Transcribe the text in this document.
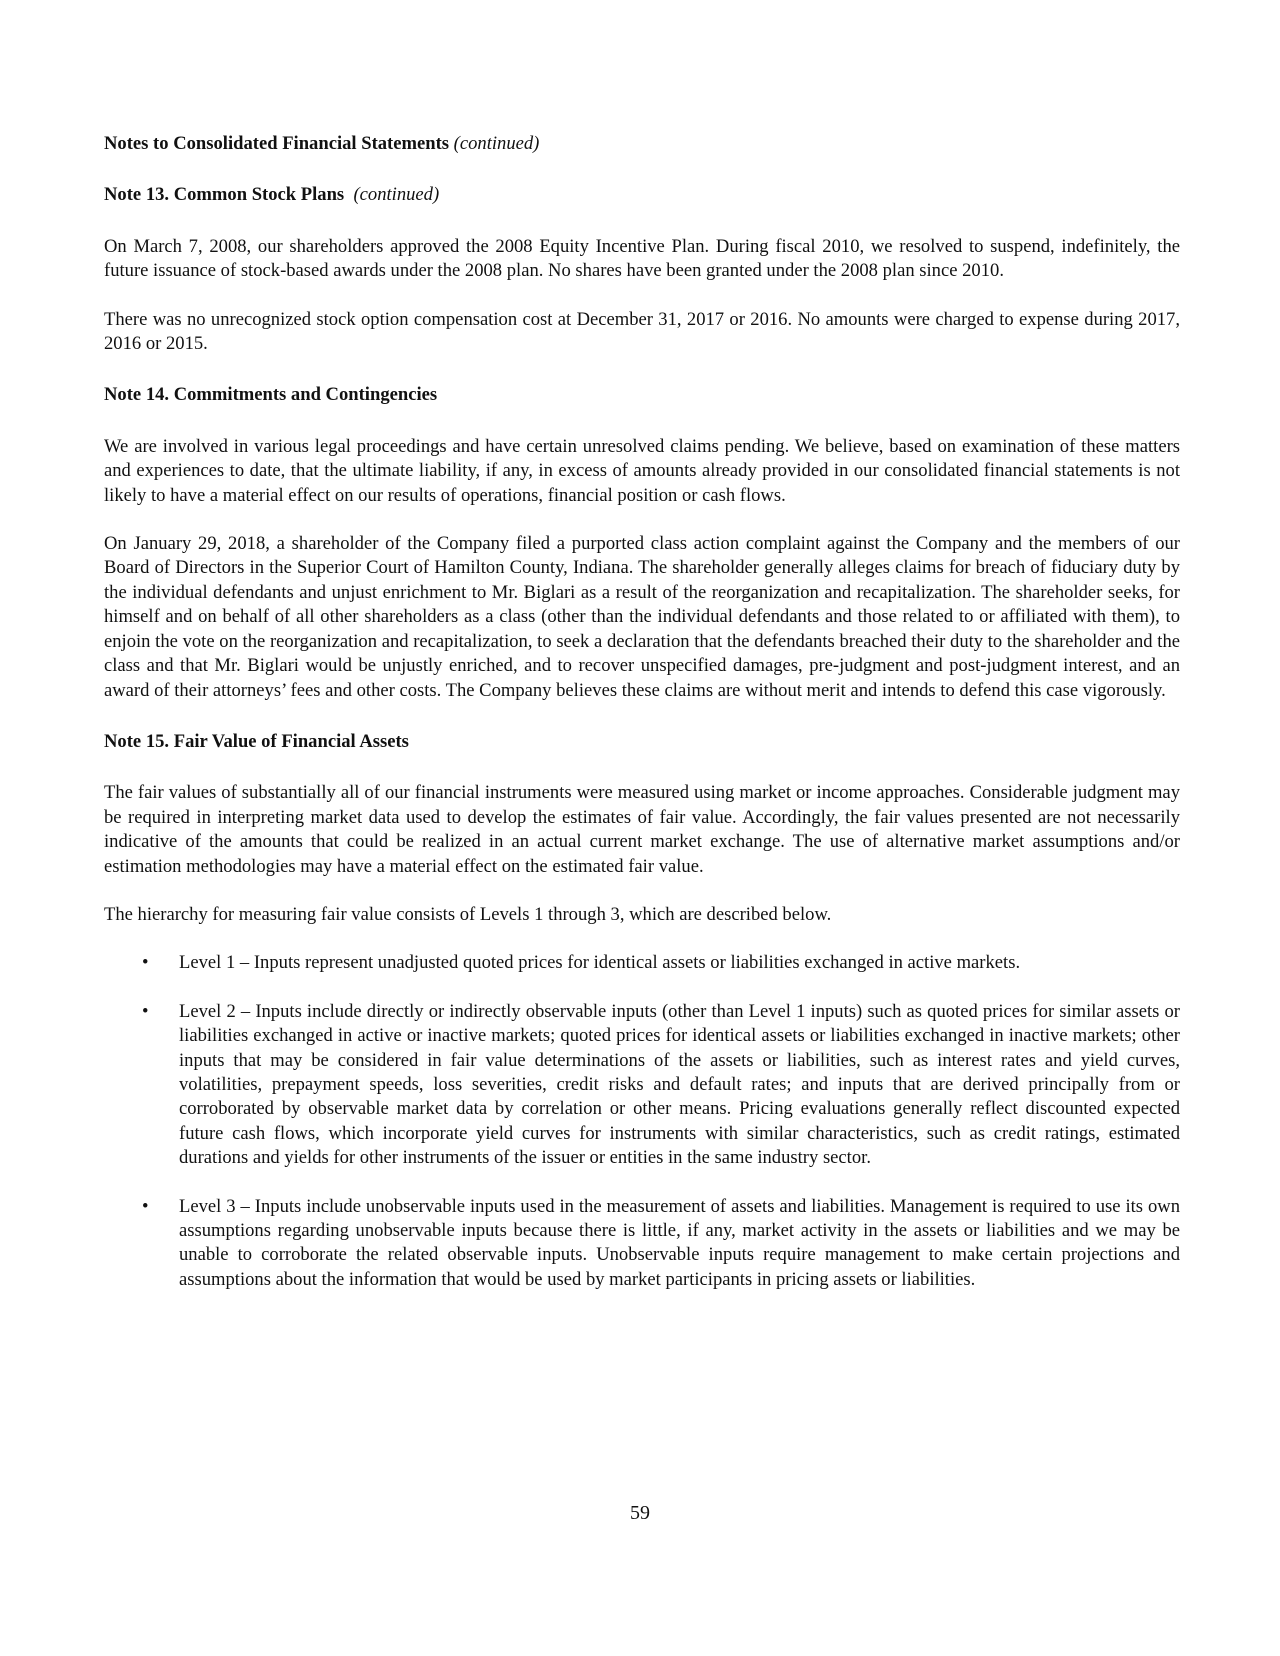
Notes to Consolidated Financial Statements (continued)

Note 13. Common Stock Plans (continued)

On March 7, 2008, our shareholders approved the 2008 Equity Incentive Plan. During fiscal 2010, we resolved to suspend, indefinitely, the future issuance of stock-based awards under the 2008 plan. No shares have been granted under the 2008 plan since 2010.

There was no unrecognized stock option compensation cost at December 31, 2017 or 2016. No amounts were charged to expense during 2017, 2016 or 2015.

Note 14. Commitments and Contingencies

We are involved in various legal proceedings and have certain unresolved claims pending. We believe, based on examination of these matters and experiences to date, that the ultimate liability, if any, in excess of amounts already provided in our consolidated financial statements is not likely to have a material effect on our results of operations, financial position or cash flows.

On January 29, 2018, a shareholder of the Company filed a purported class action complaint against the Company and the members of our Board of Directors in the Superior Court of Hamilton County, Indiana. The shareholder generally alleges claims for breach of fiduciary duty by the individual defendants and unjust enrichment to Mr. Biglari as a result of the reorganization and recapitalization. The shareholder seeks, for himself and on behalf of all other shareholders as a class (other than the individual defendants and those related to or affiliated with them), to enjoin the vote on the reorganization and recapitalization, to seek a declaration that the defendants breached their duty to the shareholder and the class and that Mr. Biglari would be unjustly enriched, and to recover unspecified damages, pre-judgment and post-judgment interest, and an award of their attorneys’ fees and other costs. The Company believes these claims are without merit and intends to defend this case vigorously.

Note 15. Fair Value of Financial Assets

The fair values of substantially all of our financial instruments were measured using market or income approaches. Considerable judgment may be required in interpreting market data used to develop the estimates of fair value. Accordingly, the fair values presented are not necessarily indicative of the amounts that could be realized in an actual current market exchange. The use of alternative market assumptions and/or estimation methodologies may have a material effect on the estimated fair value.

The hierarchy for measuring fair value consists of Levels 1 through 3, which are described below.

• Level 1 – Inputs represent unadjusted quoted prices for identical assets or liabilities exchanged in active markets.
• Level 2 – Inputs include directly or indirectly observable inputs (other than Level 1 inputs) such as quoted prices for similar assets or liabilities exchanged in active or inactive markets; quoted prices for identical assets or liabilities exchanged in inactive markets; other inputs that may be considered in fair value determinations of the assets or liabilities, such as interest rates and yield curves, volatilities, prepayment speeds, loss severities, credit risks and default rates; and inputs that are derived principally from or corroborated by observable market data by correlation or other means. Pricing evaluations generally reflect discounted expected future cash flows, which incorporate yield curves for instruments with similar characteristics, such as credit ratings, estimated durations and yields for other instruments of the issuer or entities in the same industry sector.
• Level 3 – Inputs include unobservable inputs used in the measurement of assets and liabilities. Management is required to use its own assumptions regarding unobservable inputs because there is little, if any, market activity in the assets or liabilities and we may be unable to corroborate the related observable inputs. Unobservable inputs require management to make certain projections and assumptions about the information that would be used by market participants in pricing assets or liabilities.
59
